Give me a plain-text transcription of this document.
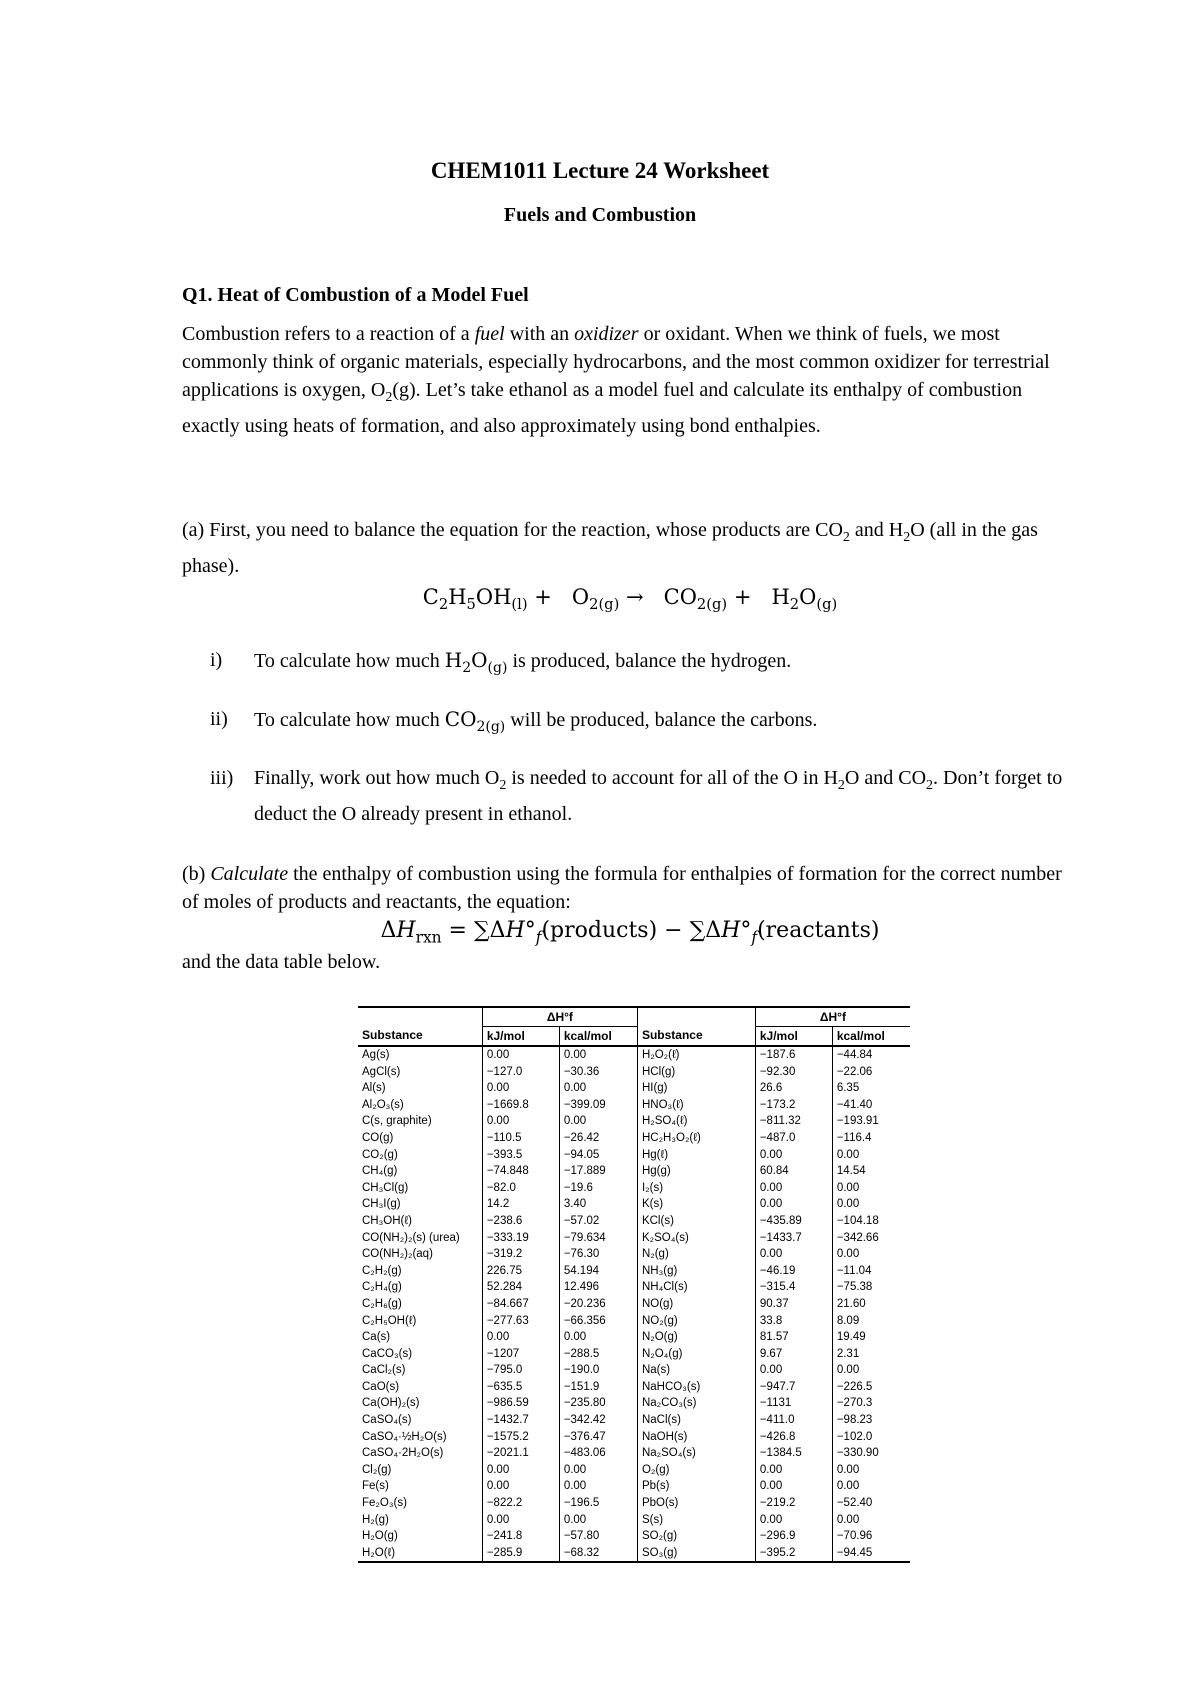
CHEM1011 Lecture 24 Worksheet
Fuels and Combustion
Q1. Heat of Combustion of a Model Fuel
Combustion refers to a reaction of a fuel with an oxidizer or oxidant. When we think of fuels, we most commonly think of organic materials, especially hydrocarbons, and the most common oxidizer for terrestrial applications is oxygen, $O_2(g)$. Let’s take ethanol as a model fuel and calculate its enthalpy of combustion exactly using heats of formation, and also approximately using bond enthalpies.
(a) First, you need to balance the equation for the reaction, whose products are $CO_2$ and $H_2O$ (all in the gas phase).
$C_2H_5OH_{(l)} + O_{2(g)} \to CO_{2(g)} + H_2O_{(g)}$
i) To calculate how much $H_2O_{(g)}$ is produced, balance the hydrogen.
ii) To calculate how much $CO_{2(g)}$ will be produced, balance the carbons.
iii) Finally, work out how much $O_2$ is needed to account for all of the O in $H_2O$ and $CO_2$. Don’t forget to deduct the O already present in ethanol.
(b) Calculate the enthalpy of combustion using the formula for enthalpies of formation for the correct number of moles of products and reactants, the equation:
$\Delta H_{rxn}$ = $\sum\Delta H^\circ_f(products)$ − $\sum\Delta H^\circ_f(reactants)$
and the data table below.
	ΔH°f			ΔH°f	
Substance	kJ/mol	kcal/mol	Substance	kJ/mol	kcal/mol
Ag(s)	0.00	0.00	H₂O₂(ℓ)	−187.6	−44.84
AgCl(s)	−127.0	−30.36	HCl(g)	−92.30	−22.06
Al(s)	0.00	0.00	HI(g)	26.6	6.35
Al₂O₃(s)	−1669.8	−399.09	HNO₃(ℓ)	−173.2	−41.40
C(s, graphite)	0.00	0.00	H₂SO₄(ℓ)	−811.32	−193.91
CO(g)	−110.5	−26.42	HC₂H₃O₂(ℓ)	−487.0	−116.4
CO₂(g)	−393.5	−94.05	Hg(ℓ)	0.00	0.00
CH₄(g)	−74.848	−17.889	Hg(g)	60.84	14.54
CH₃Cl(g)	−82.0	−19.6	I₂(s)	0.00	0.00
CH₃I(g)	14.2	3.40	K(s)	0.00	0.00
CH₃OH(ℓ)	−238.6	−57.02	KCl(s)	−435.89	−104.18
CO(NH₂)₂(s) (urea)	−333.19	−79.634	K₂SO₄(s)	−1433.7	−342.66
CO(NH₂)₂(aq)	−319.2	−76.30	N₂(g)	0.00	0.00
C₂H₂(g)	226.75	54.194	NH₃(g)	−46.19	−11.04
C₂H₄(g)	52.284	12.496	NH₄Cl(s)	−315.4	−75.38
C₂H₆(g)	−84.667	−20.236	NO(g)	90.37	21.60
C₂H₅OH(ℓ)	−277.63	−66.356	NO₂(g)	33.8	8.09
Ca(s)	0.00	0.00	N₂O(g)	81.57	19.49
CaCO₃(s)	−1207	−288.5	N₂O₄(g)	9.67	2.31
CaCl₂(s)	−795.0	−190.0	Na(s)	0.00	0.00
CaO(s)	−635.5	−151.9	NaHCO₃(s)	−947.7	−226.5
Ca(OH)₂(s)	−986.59	−235.80	Na₂CO₃(s)	−1131	−270.3
CaSO₄(s)	−1432.7	−342.42	NaCl(s)	−411.0	−98.23
CaSO₄·½H₂O(s)	−1575.2	−376.47	NaOH(s)	−426.8	−102.0
CaSO₄·2H₂O(s)	−2021.1	−483.06	Na₂SO₄(s)	−1384.5	−330.90
Cl₂(g)	0.00	0.00	O₂(g)	0.00	0.00
Fe(s)	0.00	0.00	Pb(s)	0.00	0.00
Fe₂O₃(s)	−822.2	−196.5	PbO(s)	−219.2	−52.40
H₂(g)	0.00	0.00	S(s)	0.00	0.00
H₂O(g)	−241.8	−57.80	SO₂(g)	−296.9	−70.96
H₂O(ℓ)	−285.9	−68.32	SO₃(g)	−395.2	−94.45
